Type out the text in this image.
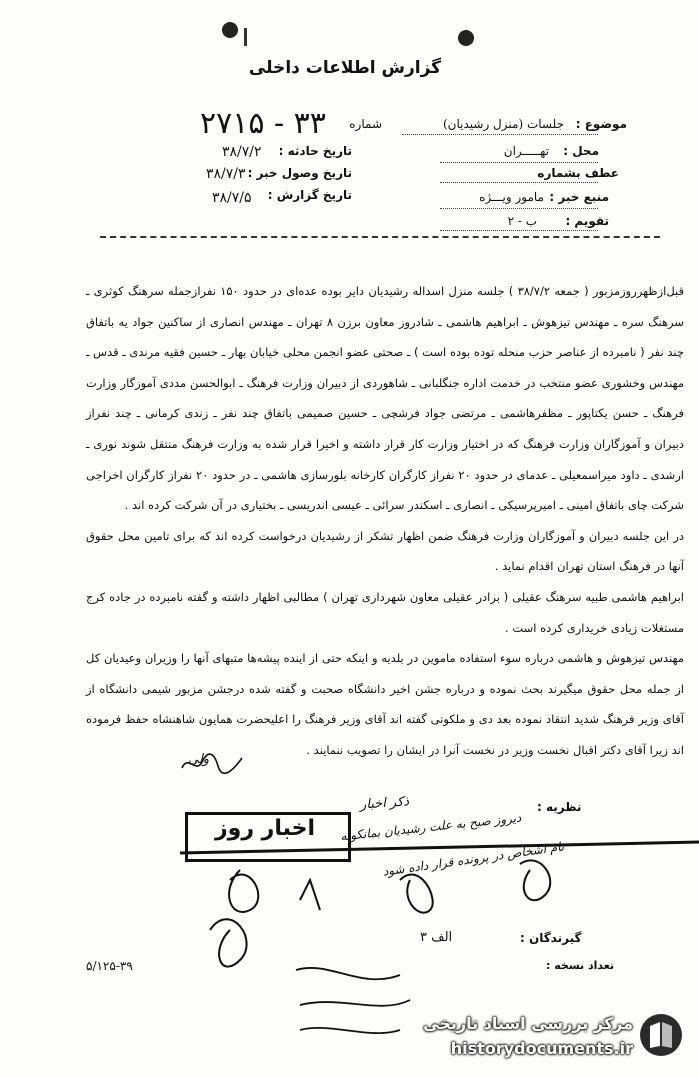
گزارش اطلاعات داخلی
شماره
۲۷۱۵ - ۳۳
تاریخ حادثه :
۳۸/۷/۲
تاریخ وصول خبر :
۳۸/۷/۳
تاریخ گزارش :
۳۸/۷/۵
موضوع :
جلسات (منزل رشیدیان)
محل :
تهـــــران
عطف بشماره
منبع خبر :
مامور ویـــژه
تقویم :
ب - ۲

قبل‌ازظهرروزمزبور ( جمعه ۳۸/۷/۲ ) جلسه منزل اسداله رشیدیان دایر بوده عده‌ای در حدود ۱۵۰ نفرازجمله سرهنگ کوثری ـ سرهنگ سره ـ مهندس تیزهوش ـ ابراهیم هاشمی ـ شادروز معاون برزن ۸ تهران ـ مهندس انصاری از ساکنین جواد یه باتفاق چند نفر ( نامبرده از عناصر حزب منحله توده بوده است ) ـ صحتی عضو انجمن محلی خیابان بهار ـ حسین فقیه مرندی ـ قدس ـ مهندس وخشوری عضو منتخب در خدمت اداره جنگلبانی ـ شاهوردی از دبیران وزارت فرهنگ ـ ابوالحسن مددی آموزگار وزارت فرهنگ ـ حسن یکتاپور ـ مظفرهاشمی ـ مرتضی جواد فرشچی ـ حسین صمیمی باتفاق چند نفر ـ زندی کرمانی ـ چند نفراز دبیران و آموزگاران وزارت فرهنگ که در اختیار وزارت کار قرار داشته و اخیرا قرار شده به وزارت فرهنگ منتقل شوند نوری ـ ارشدی ـ داود میراسمعیلی ـ عدمای در حدود ۲۰ نفراز کارگران کارخانه بلورسازی هاشمی ـ در حدود ۲۰ نفراز کارگران اخراجی شرکت چای باتفاق امینی ـ امیرپرسیکی ـ انصاری ـ اسکندر سرائی ـ عیسی اندریسی ـ بختیاری در آن شرکت کرده اند .

در این جلسه دبیران و آموزگاران وزارت فرهنگ ضمن اظهار تشکر از رشیدیان درخواست کرده اند که برای تامین محل حقوق آنها در فرهنگ استان تهران اقدام نماید .

ابراهیم هاشمی طبیه سرهنگ عقیلی ( برادر عقیلی معاون شهرداری تهران ) مطالبی اظهار داشته و گفته نامبرده در جاده کرج مستغلات زیادی خریداری کرده است .

مهندس تیزهوش و هاشمی درباره سوء استفاده ماموین در بلدیه و اینکه حتی از اینده پیشه‌ها متبهای آنها را وزیران وعیدیان کل از جمله محل حقوق میگیرند بحث نموده و درباره جشن اخیر دانشگاه صحبت و گفته شده درجشن مزبور شیمی دانشگاه از آقای وزیر فرهنگ شدید انتقاد نموده بعد دی و ملکوتی گفته اند آقای وزیر فرهنگ را اعلیحضرت همایون شاهنشاه حفظ فرموده اند زیرا آقای دکتر اقبال نخست وزیر در نخست آنرا در ایشان را تصویب ننمایند .

ولی
نظریه :
ذکر اخبار
دیروز صبح به علت رشیدیان بمانکونه
نام اشخاص در پرونده قرار داده شود
اخبار روز
گیرندگان :
الف ۳
تعداد نسخه :
۵/۱۲۵-۳۹
مرکز بررسی اسناد تاریخی
historydocuments.ir
